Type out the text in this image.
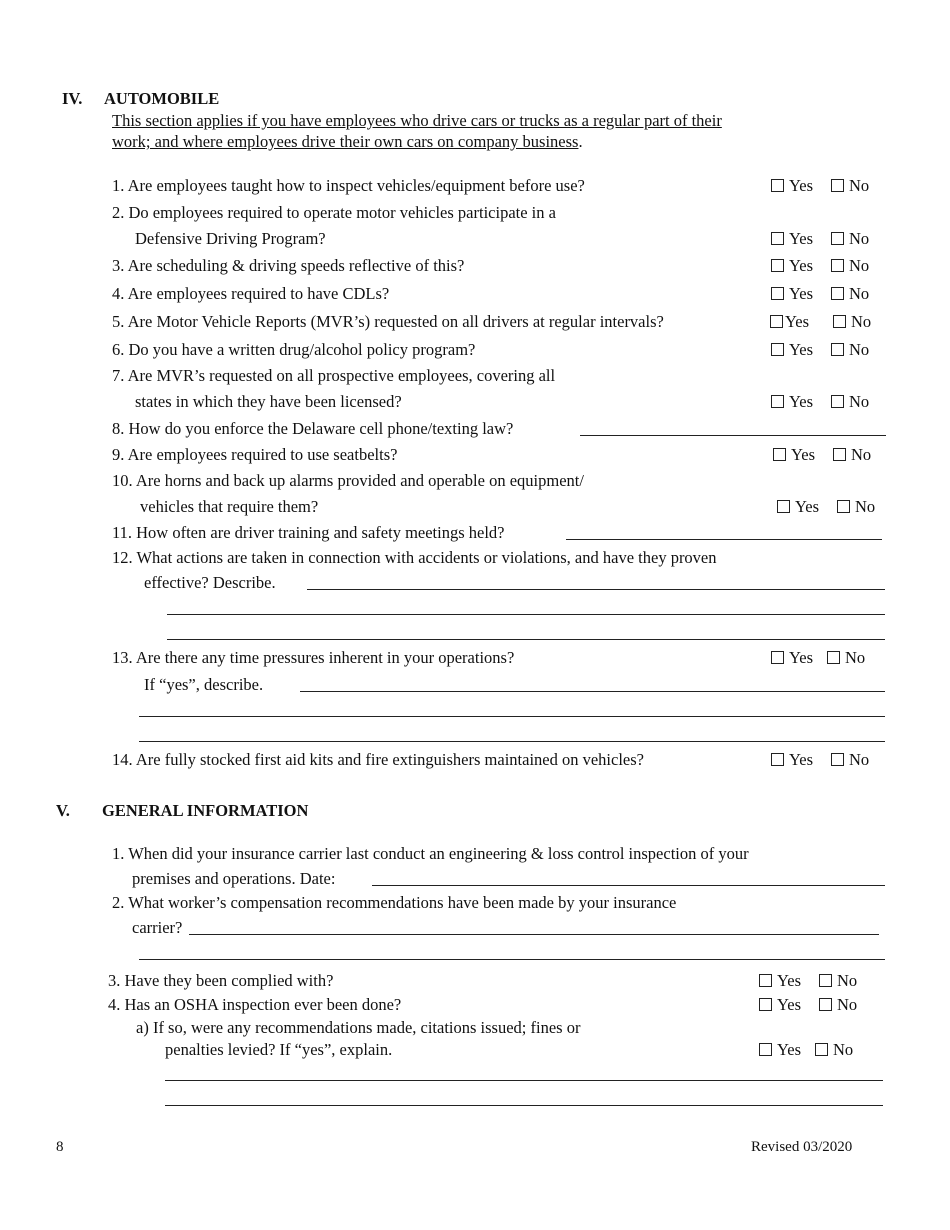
IV. AUTOMOBILE
This section applies if you have employees who drive cars or trucks as a regular part of their
work; and where employees drive their own cars on company business.
1. Are employees taught how to inspect vehicles/equipment before use?	Yes No
2. Do employees required to operate motor vehicles participate in a
Defensive Driving Program?	Yes No
3. Are scheduling & driving speeds reflective of this?	Yes No
4. Are employees required to have CDLs?	Yes No
5. Are Motor Vehicle Reports (MVR’s) requested on all drivers at regular intervals?	Yes	No
6. Do you have a written drug/alcohol policy program?	Yes No
7. Are MVR’s requested on all prospective employees, covering all
states in which they have been licensed?	Yes No
8. How do you enforce the Delaware cell phone/texting law?
9. Are employees required to use seatbelts?	Yes No
10. Are horns and back up alarms provided and operable on equipment/
vehicles that require them?	Yes No
11. How often are driver training and safety meetings held?
12. What actions are taken in connection with accidents or violations, and have they proven
effective? Describe.
13. Are there any time pressures inherent in your operations?	Yes No
If “yes”, describe.
14. Are fully stocked first aid kits and fire extinguishers maintained on vehicles?	Yes No
V. GENERAL INFORMATION
1. When did your insurance carrier last conduct an engineering & loss control inspection of your
premises and operations. Date:
2. What worker’s compensation recommendations have been made by your insurance
carrier?
3. Have they been complied with?	Yes No
4. Has an OSHA inspection ever been done?	Yes No
a) If so, were any recommendations made, citations issued; fines or
penalties levied? If “yes”, explain.	Yes No
8	Revised 03/2020
